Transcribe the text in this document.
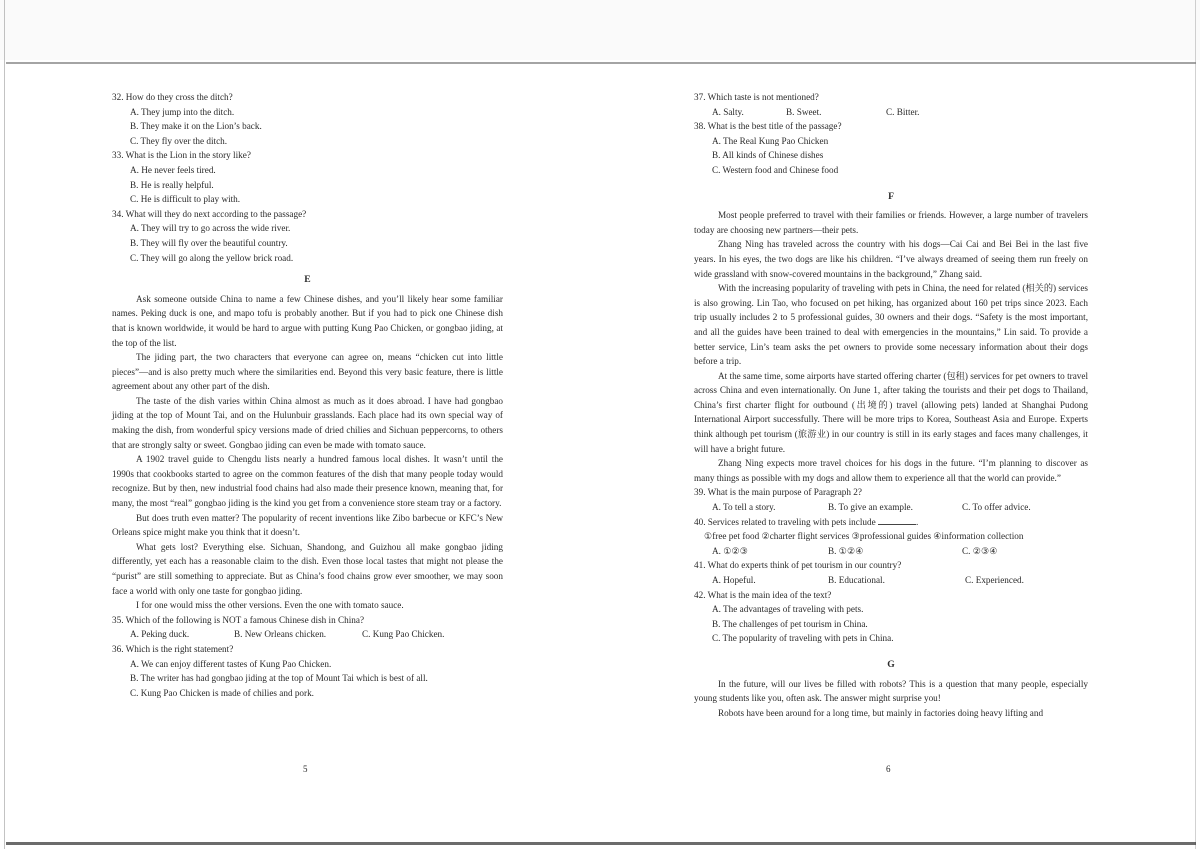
32. How do they cross the ditch?

A. They jump into the ditch.

B. They make it on the Lion’s back.

C. They fly over the ditch.

33. What is the Lion in the story like?

A. He never feels tired.

B. He is really helpful.

C. He is difficult to play with.

34. What will they do next according to the passage?

A. They will try to go across the wide river.

B. They will fly over the beautiful country.

C. They will go along the yellow brick road.

E

Ask someone outside China to name a few Chinese dishes, and you’ll likely hear some familiar names. Peking duck is one, and mapo tofu is probably another. But if you had to pick one Chinese dish that is known worldwide, it would be hard to argue with putting Kung Pao Chicken, or gongbao jiding, at the top of the list.

The jiding part, the two characters that everyone can agree on, means “chicken cut into little pieces”—and is also pretty much where the similarities end. Beyond this very basic feature, there is little agreement about any other part of the dish.

The taste of the dish varies within China almost as much as it does abroad. I have had gongbao jiding at the top of Mount Tai, and on the Hulunbuir grasslands. Each place had its own special way of making the dish, from wonderful spicy versions made of dried chilies and Sichuan peppercorns, to others that are strongly salty or sweet. Gongbao jiding can even be made with tomato sauce.

A 1902 travel guide to Chengdu lists nearly a hundred famous local dishes. It wasn’t until the 1990s that cookbooks started to agree on the common features of the dish that many people today would recognize. But by then, new industrial food chains had also made their presence known, meaning that, for many, the most “real” gongbao jiding is the kind you get from a convenience store steam tray or a factory.

But does truth even matter? The popularity of recent inventions like Zibo barbecue or KFC’s New Orleans spice might make you think that it doesn’t.

What gets lost? Everything else. Sichuan, Shandong, and Guizhou all make gongbao jiding differently, yet each has a reasonable claim to the dish. Even those local tastes that might not please the “purist” are still something to appreciate. But as China’s food chains grow ever smoother, we may soon face a world with only one taste for gongbao jiding.

I for one would miss the other versions. Even the one with tomato sauce.

35. Which of the following is NOT a famous Chinese dish in China?

A. Peking duck.	B. New Orleans chicken.	C. Kung Pao Chicken.

36. Which is the right statement?

A. We can enjoy different tastes of Kung Pao Chicken.

B. The writer has had gongbao jiding at the top of Mount Tai which is best of all.

C. Kung Pao Chicken is made of chilies and pork.

5

37. Which taste is not mentioned?

A. Salty.	B. Sweet.	C. Bitter.

38. What is the best title of the passage?

A. The Real Kung Pao Chicken

B. All kinds of Chinese dishes

C. Western food and Chinese food

F

Most people preferred to travel with their families or friends. However, a large number of travelers today are choosing new partners—their pets.

Zhang Ning has traveled across the country with his dogs—Cai Cai and Bei Bei in the last five years. In his eyes, the two dogs are like his children. “I’ve always dreamed of seeing them run freely on wide grassland with snow-covered mountains in the background,” Zhang said.

With the increasing popularity of traveling with pets in China, the need for related (相关的) services is also growing. Lin Tao, who focused on pet hiking, has organized about 160 pet trips since 2023. Each trip usually includes 2 to 5 professional guides, 30 owners and their dogs. “Safety is the most important, and all the guides have been trained to deal with emergencies in the mountains,” Lin said. To provide a better service, Lin’s team asks the pet owners to provide some necessary information about their dogs before a trip.

At the same time, some airports have started offering charter (包租) services for pet owners to travel across China and even internationally. On June 1, after taking the tourists and their pet dogs to Thailand, China’s first charter flight for outbound (出境的) travel (allowing pets) landed at Shanghai Pudong International Airport successfully. There will be more trips to Korea, Southeast Asia and Europe. Experts think although pet tourism (旅游业) in our country is still in its early stages and faces many challenges, it will have a bright future.

Zhang Ning expects more travel choices for his dogs in the future. “I’m planning to discover as many things as possible with my dogs and allow them to experience all that the world can provide.”

39. What is the main purpose of Paragraph 2?

A. To tell a story.	B. To give an example.	C. To offer advice.

40. Services related to traveling with pets include	.

①free pet food ②charter flight services ③professional guides ④information collection

A. ①②③	B. ①②④	C. ②③④

41. What do experts think of pet tourism in our country?

A. Hopeful.	B. Educational.	C. Experienced.

42. What is the main idea of the text?

A. The advantages of traveling with pets.

B. The challenges of pet tourism in China.

C. The popularity of traveling with pets in China.

G

In the future, will our lives be filled with robots? This is a question that many people, especially young students like you, often ask. The answer might surprise you!

Robots have been around for a long time, but mainly in factories doing heavy lifting and

6
